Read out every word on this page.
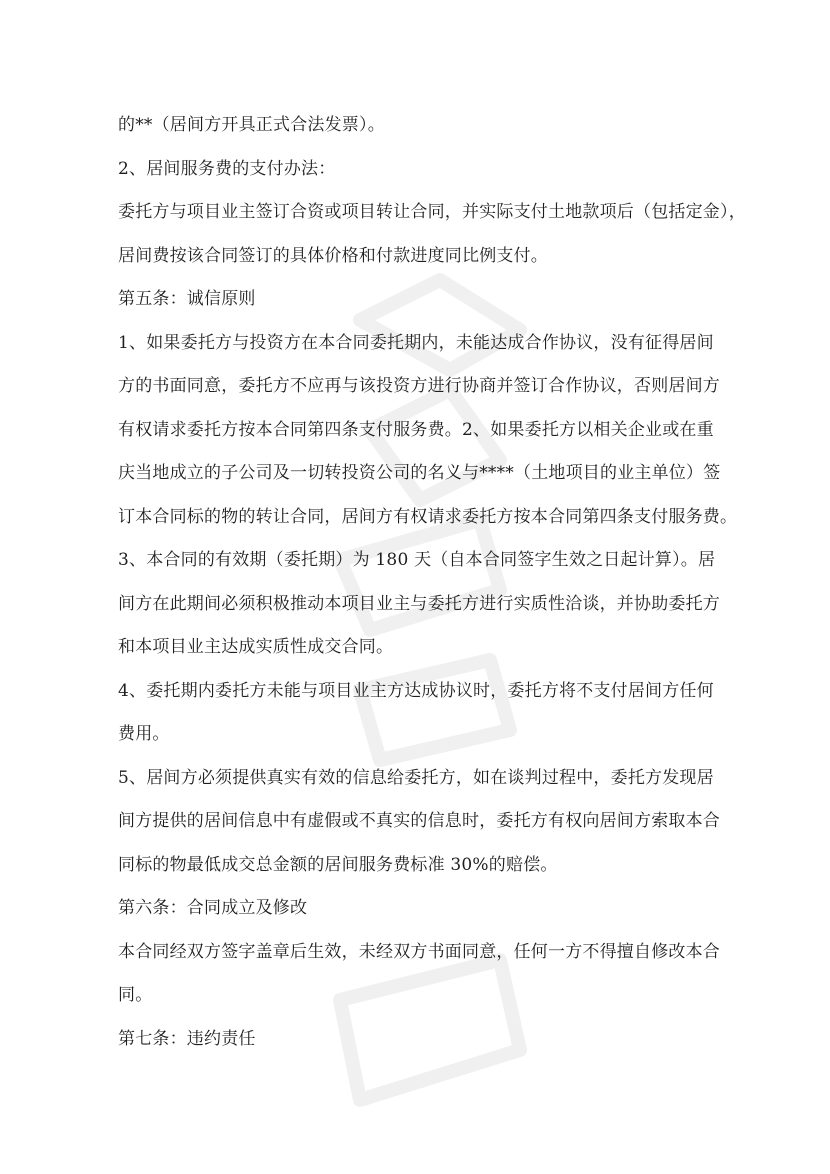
的**（居间方开具正式合法发票）。
2、居间服务费的支付办法：
委托方与项目业主签订合资或项目转让合同，并实际支付土地款项后（包括定金），
居间费按该合同签订的具体价格和付款进度同比例支付。
第五条：诚信原则
1、如果委托方与投资方在本合同委托期内，未能达成合作协议，没有征得居间
方的书面同意，委托方不应再与该投资方进行协商并签订合作协议，否则居间方
有权请求委托方按本合同第四条支付服务费。2、如果委托方以相关企业或在重
庆当地成立的子公司及一切转投资公司的名义与****（土地项目的业主单位）签
订本合同标的物的转让合同，居间方有权请求委托方按本合同第四条支付服务费。
3、本合同的有效期（委托期）为 180 天（自本合同签字生效之日起计算）。居
间方在此期间必须积极推动本项目业主与委托方进行实质性洽谈，并协助委托方
和本项目业主达成实质性成交合同。
4、委托期内委托方未能与项目业主方达成协议时，委托方将不支付居间方任何
费用。
5、居间方必须提供真实有效的信息给委托方，如在谈判过程中，委托方发现居
间方提供的居间信息中有虚假或不真实的信息时，委托方有权向居间方索取本合
同标的物最低成交总金额的居间服务费标准 30%的赔偿。
第六条：合同成立及修改
本合同经双方签字盖章后生效，未经双方书面同意，任何一方不得擅自修改本合
同。
第七条：违约责任
